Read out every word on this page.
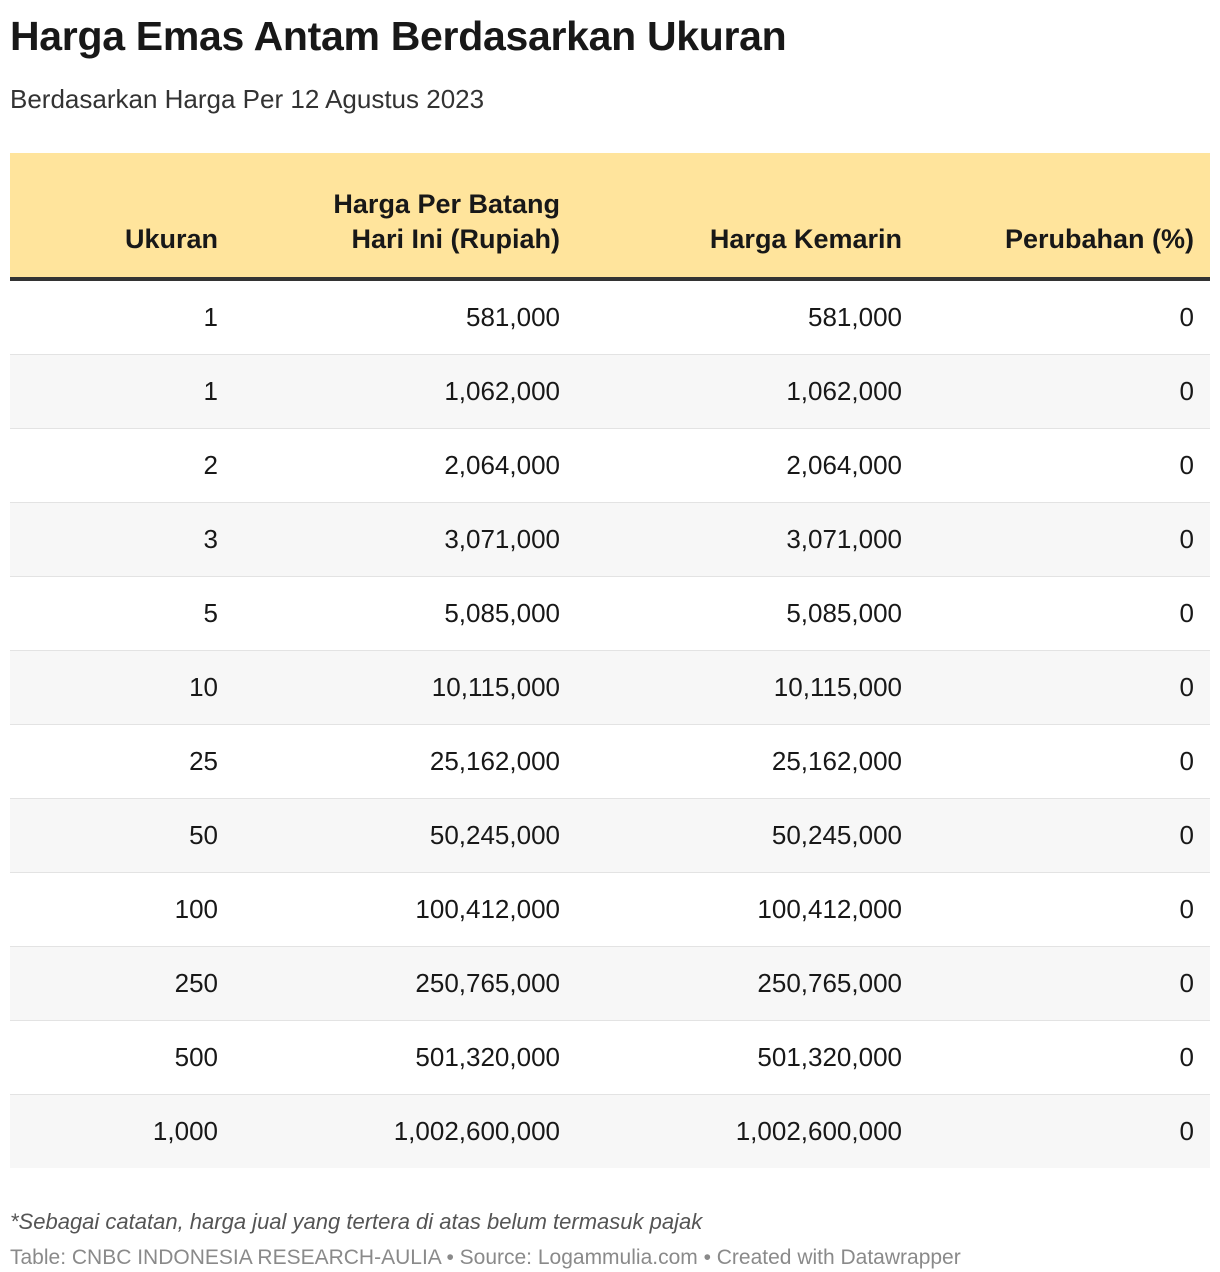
Harga Emas Antam Berdasarkan Ukuran
Berdasarkan Harga Per 12 Agustus 2023
Ukuran	Harga Per Batang Hari Ini (Rupiah)	Harga Kemarin	Perubahan (%)
1	581,000	581,000	0
1	1,062,000	1,062,000	0
2	2,064,000	2,064,000	0
3	3,071,000	3,071,000	0
5	5,085,000	5,085,000	0
10	10,115,000	10,115,000	0
25	25,162,000	25,162,000	0
50	50,245,000	50,245,000	0
100	100,412,000	100,412,000	0
250	250,765,000	250,765,000	0
500	501,320,000	501,320,000	0
1,000	1,002,600,000	1,002,600,000	0
*Sebagai catatan, harga jual yang tertera di atas belum termasuk pajak
Table: CNBC INDONESIA RESEARCH-AULIA • Source: Logammulia.com • Created with Datawrapper
